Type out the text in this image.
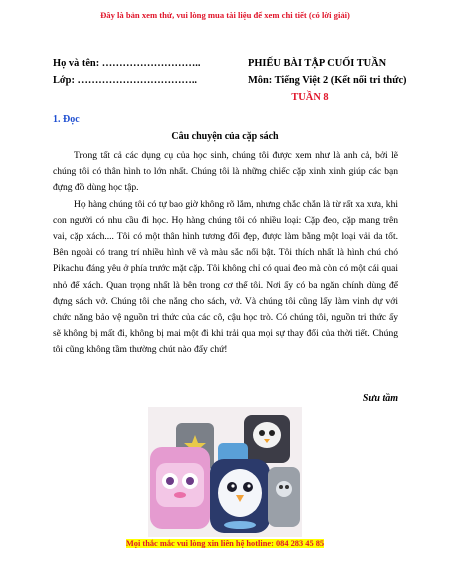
Đây là bản xem thử, vui lòng mua tài liệu để xem chi tiết (có lời giải)
Họ và tên: ………………………..	PHIẾU BÀI TẬP CUỐI TUẦN
Lớp: ……………………………..	Môn: Tiếng Việt 2 (Kết nối tri thức)
TUẦN 8
1. Đọc
Câu chuyện của cặp sách

Trong tất cả các dụng cụ của học sinh, chúng tôi được xem như là anh cả, bởi lẽ chúng tôi có thân hình to lớn nhất. Chúng tôi là những chiếc cặp xinh xinh giúp các bạn đựng đồ dùng học tập.

Họ hàng chúng tôi có tự bao giờ không rõ lắm, nhưng chắc chắn là từ rất xa xưa, khi con người có nhu cầu đi học. Họ hàng chúng tôi có nhiều loại: Cặp đeo, cặp mang trên vai, cặp xách.... Tôi có một thân hình tương đối đẹp, được làm bằng một loại vải da tốt. Bên ngoài có trang trí nhiều hình vẽ và màu sắc nổi bật. Tôi thích nhất là hình chú chó Pikachu đáng yêu ở phía trước mặt cặp. Tôi không chỉ có quai đeo mà còn có một cái quai nhỏ để xách. Quan trọng nhất là bên trong cơ thể tôi. Nơi ấy có ba ngăn chính dùng để đựng sách vở. Chúng tôi che nắng cho sách, vở. Và chúng tôi cũng lấy làm vinh dự với chức năng bảo vệ nguồn tri thức của các cô, cậu học trò. Có chúng tôi, nguồn tri thức ấy sẽ không bị mất đi, không bị mai một đi khi trải qua mọi sự thay đổi của thời tiết. Chúng tôi cũng không tầm thường chút nào đấy chứ!

Sưu tầm
Mọi thắc mắc vui lòng xin liên hệ hotline: 084 283 45 85
